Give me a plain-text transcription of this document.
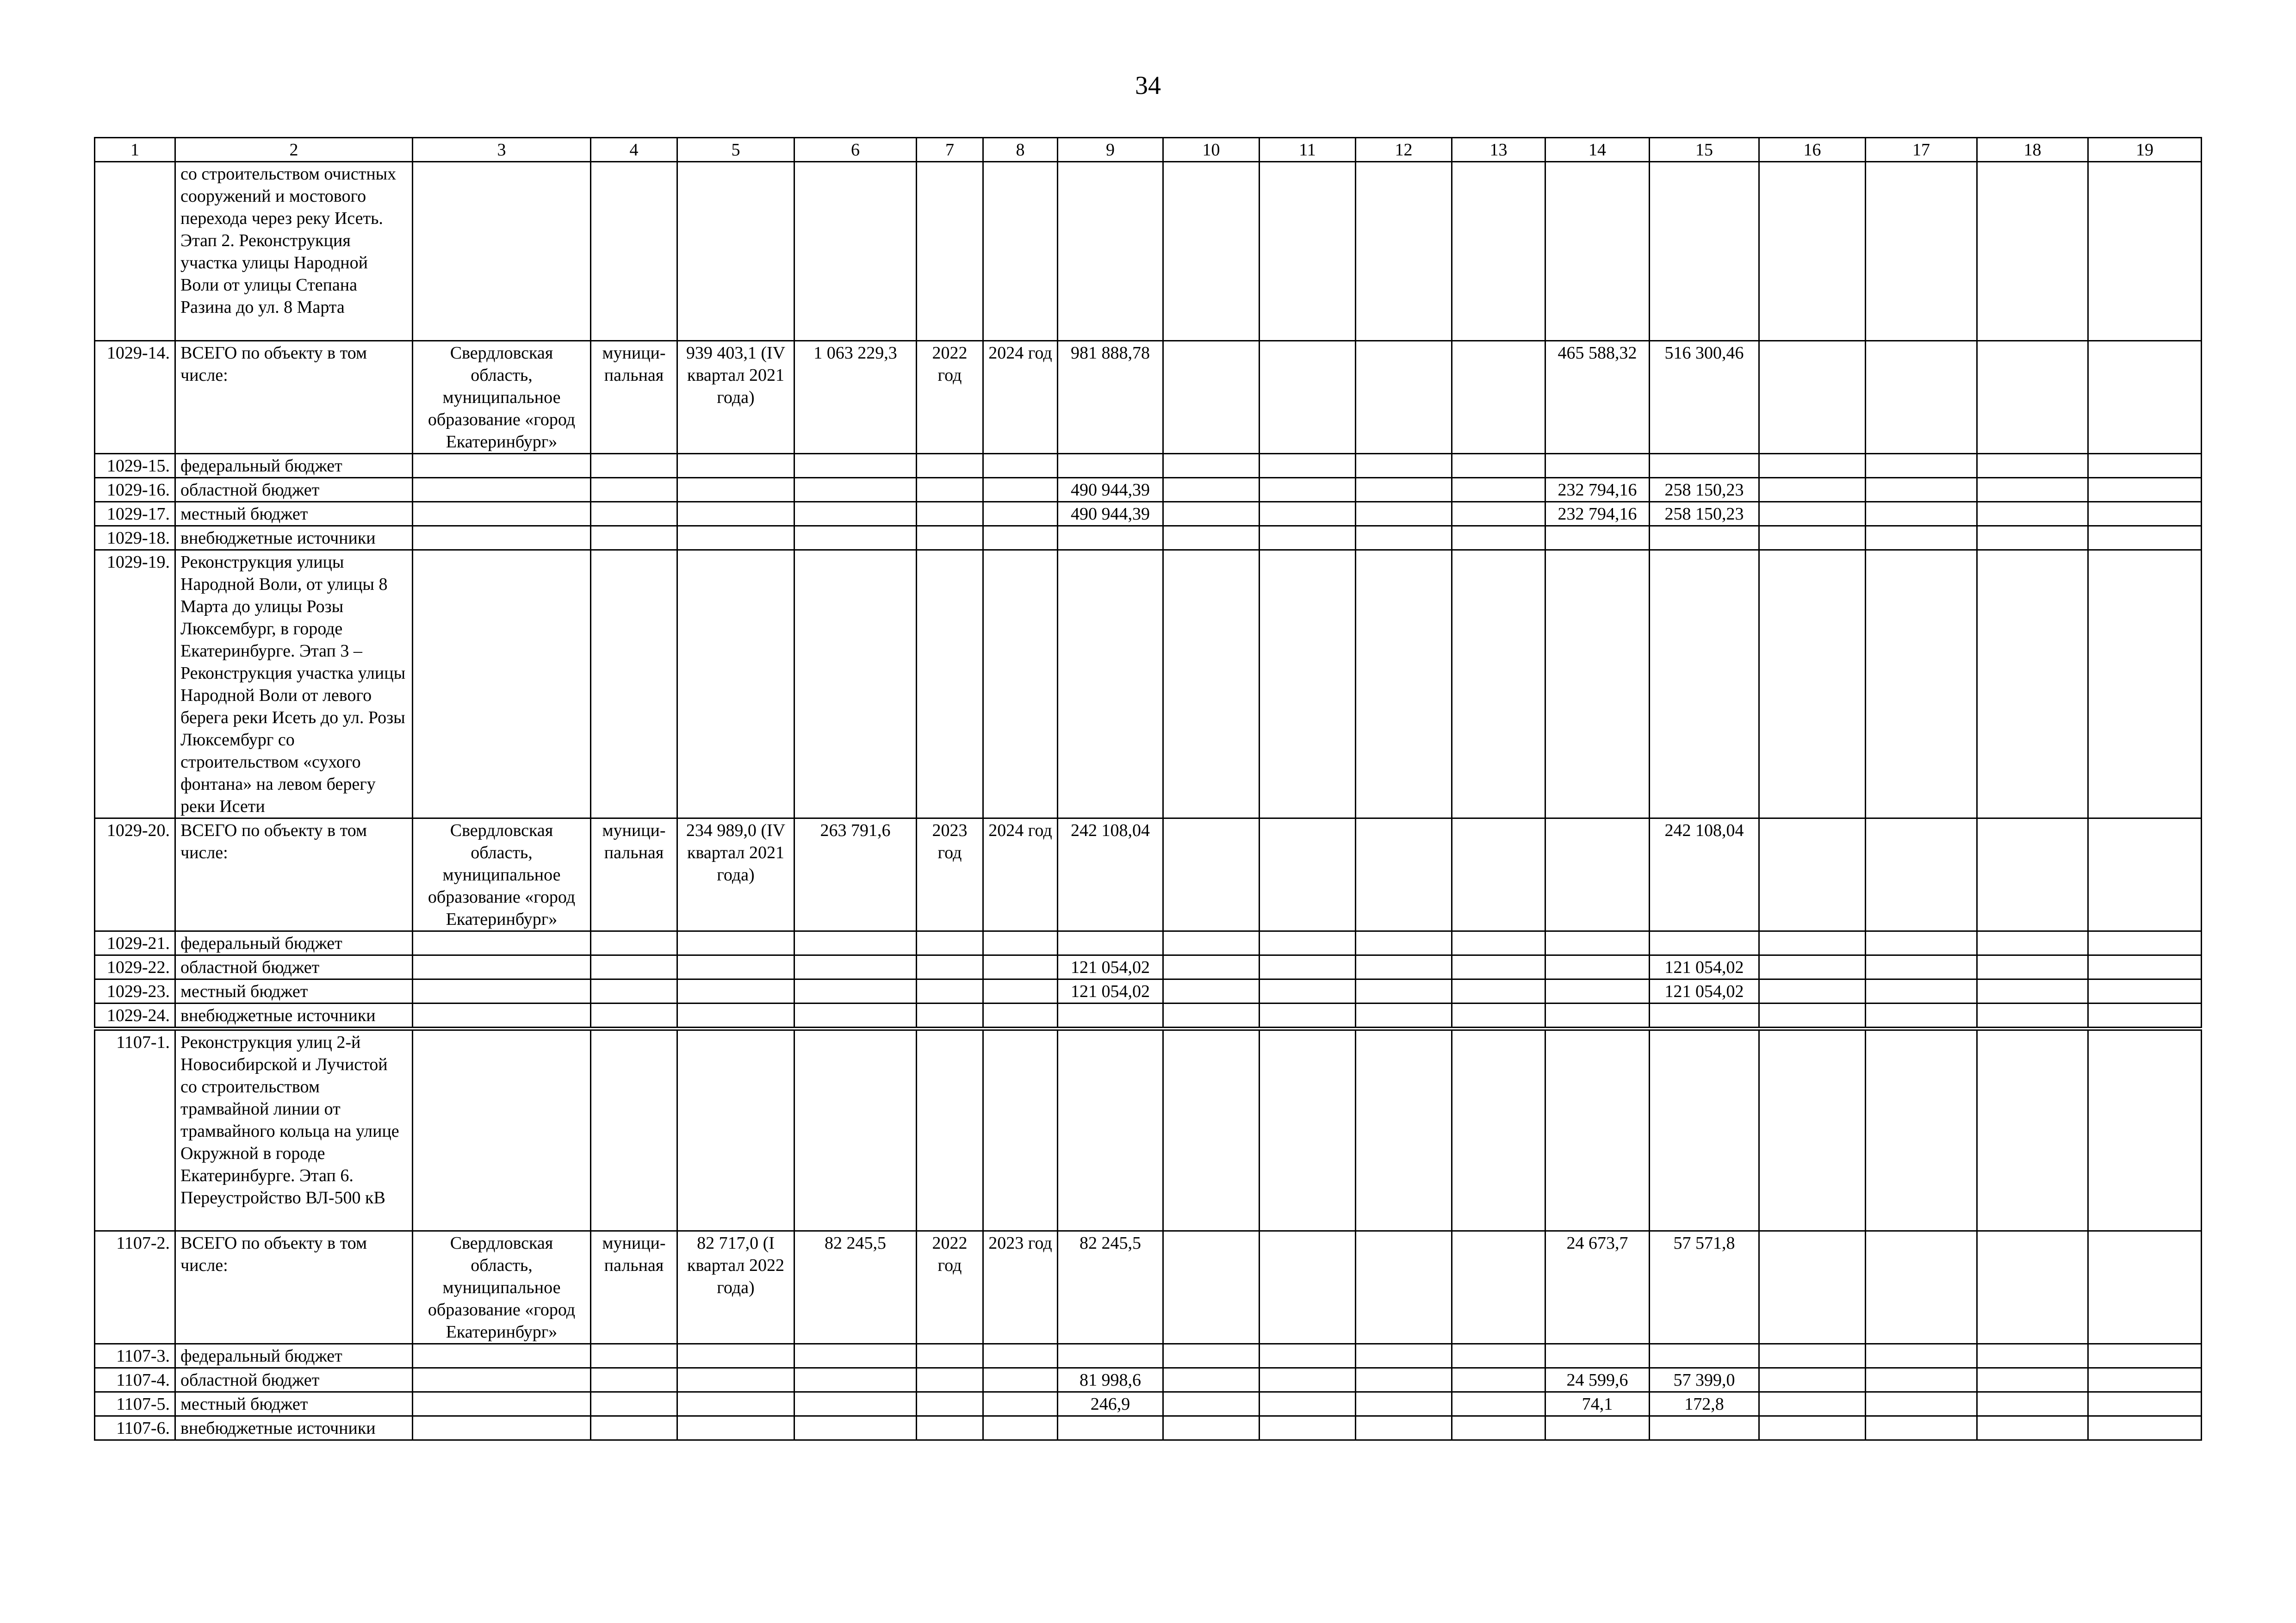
34
1	2	3	4	5	6	7	8	9	10	11	12	13	14	15	16	17	18	19
	со строительством очистных сооружений и мостового перехода через реку Исеть. Этап 2. Реконструкция участка улицы Народной Воли от улицы Степана Разина до ул. 8 Марта																	
1029-14.	ВСЕГО по объекту в том числе:	Свердловская область, муниципальное образование «город Екатеринбург»	муници-пальная	939 403,1 (IV квартал 2021 года)	1 063 229,3	2022 год	2024 год	981 888,78					465 588,32	516 300,46				
1029-15.	федеральный бюджет																	
1029-16.	областной бюджет							490 944,39					232 794,16	258 150,23				
1029-17.	местный бюджет							490 944,39					232 794,16	258 150,23				
1029-18.	внебюджетные источники																	
1029-19.	Реконструкция улицы Народной Воли, от улицы 8 Марта до улицы Розы Люксембург, в городе Екатеринбурге. Этап 3 – Реконструкция участка улицы Народной Воли от левого берега реки Исеть до ул. Розы Люксембург со строительством «сухого фонтана» на левом берегу реки Исети																	
1029-20.	ВСЕГО по объекту в том числе:	Свердловская область, муниципальное образование «город Екатеринбург»	муници-пальная	234 989,0 (IV квартал 2021 года)	263 791,6	2023 год	2024 год	242 108,04						242 108,04				
1029-21.	федеральный бюджет																	
1029-22.	областной бюджет							121 054,02						121 054,02				
1029-23.	местный бюджет							121 054,02						121 054,02				
1029-24.	внебюджетные источники																	
1107-1.	Реконструкция улиц 2-й Новосибирской и Лучистой со строительством трамвайной линии от трамвайного кольца на улице Окружной в городе Екатеринбурге. Этап 6. Переустройство ВЛ-500 кВ																	
1107-2.	ВСЕГО по объекту в том числе:	Свердловская область, муниципальное образование «город Екатеринбург»	муници-пальная	82 717,0 (I квартал 2022 года)	82 245,5	2022 год	2023 год	82 245,5					24 673,7	57 571,8				
1107-3.	федеральный бюджет																	
1107-4.	областной бюджет							81 998,6					24 599,6	57 399,0				
1107-5.	местный бюджет							246,9					74,1	172,8				
1107-6.	внебюджетные источники																	
